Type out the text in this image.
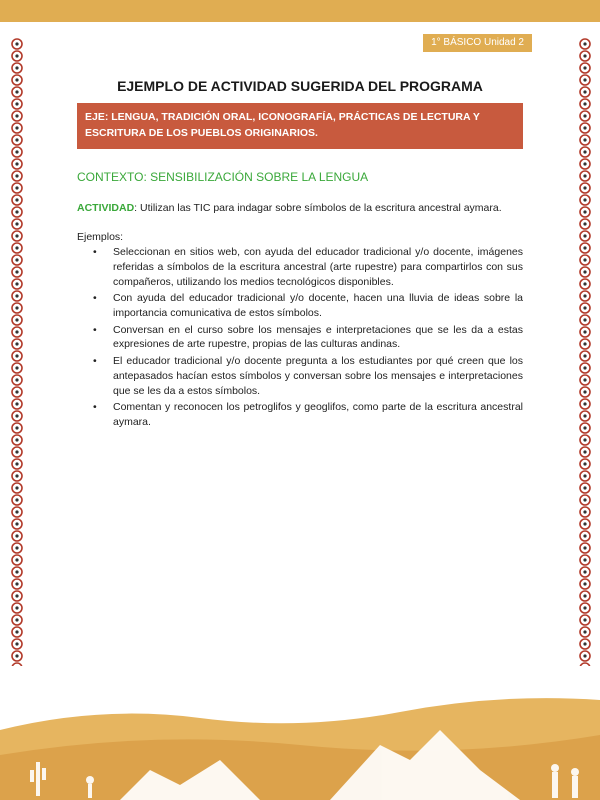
1° BÁSICO Unidad 2
EJEMPLO DE ACTIVIDAD SUGERIDA DEL PROGRAMA
EJE: LENGUA, TRADICIÓN ORAL, ICONOGRAFÍA, PRÁCTICAS DE LECTURA Y ESCRITURA DE LOS PUEBLOS ORIGINARIOS.
CONTEXTO: SENSIBILIZACIÓN SOBRE LA LENGUA
ACTIVIDAD: Utilizan las TIC para indagar sobre símbolos de la escritura ancestral aymara.
Ejemplos:
• Seleccionan en sitios web, con ayuda del educador tradicional y/o docente, imágenes referidas a símbolos de la escritura ancestral (arte rupestre) para compartirlos con sus compañeros, utilizando los medios tecnológicos disponibles.
• Con ayuda del educador tradicional y/o docente, hacen una lluvia de ideas sobre la importancia comunicativa de estos símbolos.
• Conversan en el curso sobre los mensajes e interpretaciones que se les da a estas expresiones de arte rupestre, propias de las culturas andinas.
• El educador tradicional y/o docente pregunta a los estudiantes por qué creen que los antepasados hacían estos símbolos y conversan sobre los mensajes e interpretaciones que se les da a estos símbolos.
• Comentan y reconocen los petroglifos y geoglifos, como parte de la escritura ancestral aymara.
